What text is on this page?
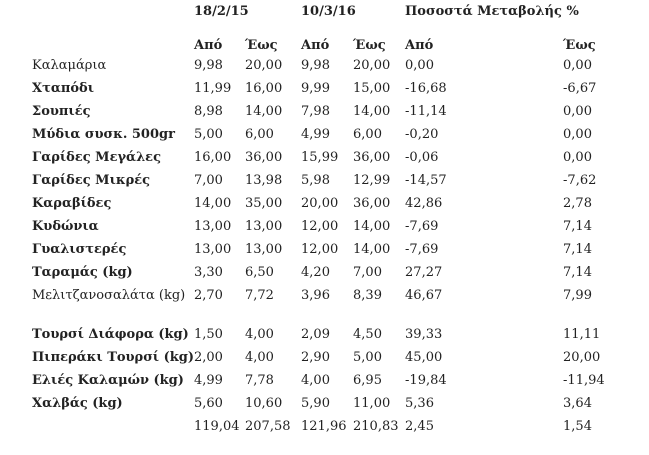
	18/2/15		10/3/16		Ποσοστά Μεταβολής %	
	Από	Έως	Από	Έως	Από	Έως
Καλαμάρια	9,98	20,00	9,98	20,00	0,00	0,00
Χταπόδι	11,99	16,00	9,99	15,00	-16,68	-6,67
Σουπιές	8,98	14,00	7,98	14,00	-11,14	0,00
Μύδια συσκ. 500gr	5,00	6,00	4,99	6,00	-0,20	0,00
Γαρίδες Μεγάλες	16,00	36,00	15,99	36,00	-0,06	0,00
Γαρίδες Μικρές	7,00	13,98	5,98	12,99	-14,57	-7,62
Καραβίδες	14,00	35,00	20,00	36,00	42,86	2,78
Κυδώνια	13,00	13,00	12,00	14,00	-7,69	7,14
Γυαλιστερές	13,00	13,00	12,00	14,00	-7,69	7,14
Ταραμάς (kg)	3,30	6,50	4,20	7,00	27,27	7,14
Μελιτζανοσαλάτα (kg)	2,70	7,72	3,96	8,39	46,67	7,99
Τουρσί Διάφορα (kg)	1,50	4,00	2,09	4,50	39,33	11,11
Πιπεράκι Τουρσί (kg)	2,00	4,00	2,90	5,00	45,00	20,00
Ελιές Καλαμών (kg)	4,99	7,78	4,00	6,95	-19,84	-11,94
Χαλβάς (kg)	5,60	10,60	5,90	11,00	5,36	3,64
	119,04	207,58	121,96	210,83	2,45	1,54
